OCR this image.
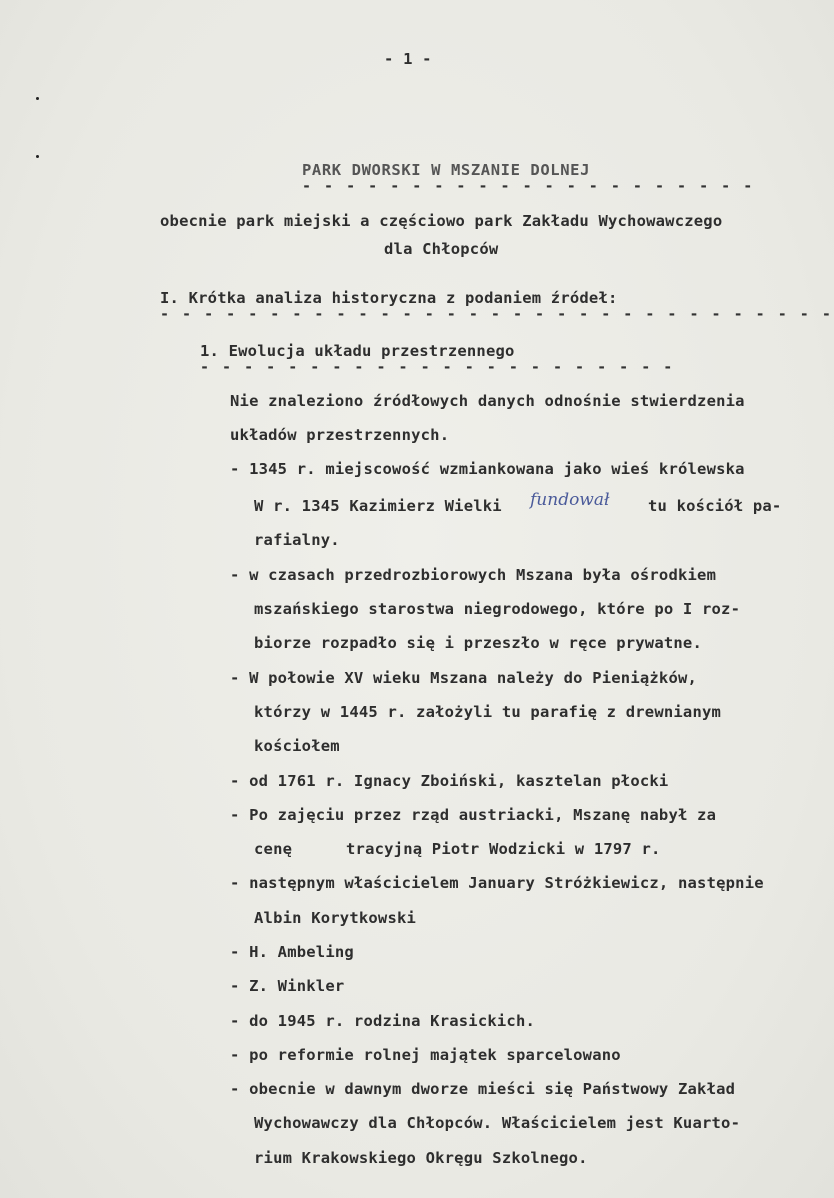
- 1 -
PARK DWORSKI W MSZANIE DOLNEJ
- - - - - - - - - - - - - - - - - - - - -
obecnie park miejski a częściowo park Zakładu Wychowawczego
dla Chłopców
I. Krótka analiza historyczna z podaniem źródeł:
- - - - - - - - - - - - - - - - - - - - - - - - - - - - - - -
1. Ewolucja układu przestrzennego
- - - - - - - - - - - - - - - - - - - - - -
Nie znaleziono źródłowych danych odnośnie stwierdzenia
układów przestrzennych.
- 1345 r. miejscowość wzmiankowana jako wieś królewska
W r. 1345 Kazimierz Wielki fundował tu kościół pa-
rafialny.
- w czasach przedrozbiorowych Mszana była ośrodkiem
mszańskiego starostwa niegrodowego, które po I roz-
biorze rozpadło się i przeszło w ręce prywatne.
- W połowie XV wieku Mszana należy do Pieniążków,
którzy w 1445 r. założyli tu parafię z drewnianym
kościołem
- od 1761 r. Ignacy Zboiński, kasztelan płocki
- Po zajęciu przez rząd austriacki, Mszanę nabył za
cenę	tracyjną Piotr Wodzicki w 1797 r.
- następnym właścicielem January Stróżkiewicz, następnie
Albin Korytkowski
- H. Ambeling
- Z. Winkler
- do 1945 r. rodzina Krasickich.
- po reformie rolnej majątek sparcelowano
- obecnie w dawnym dworze mieści się Państwowy Zakład
Wychowawczy dla Chłopców. Właścicielem jest Kuarto-
rium Krakowskiego Okręgu Szkolnego.
